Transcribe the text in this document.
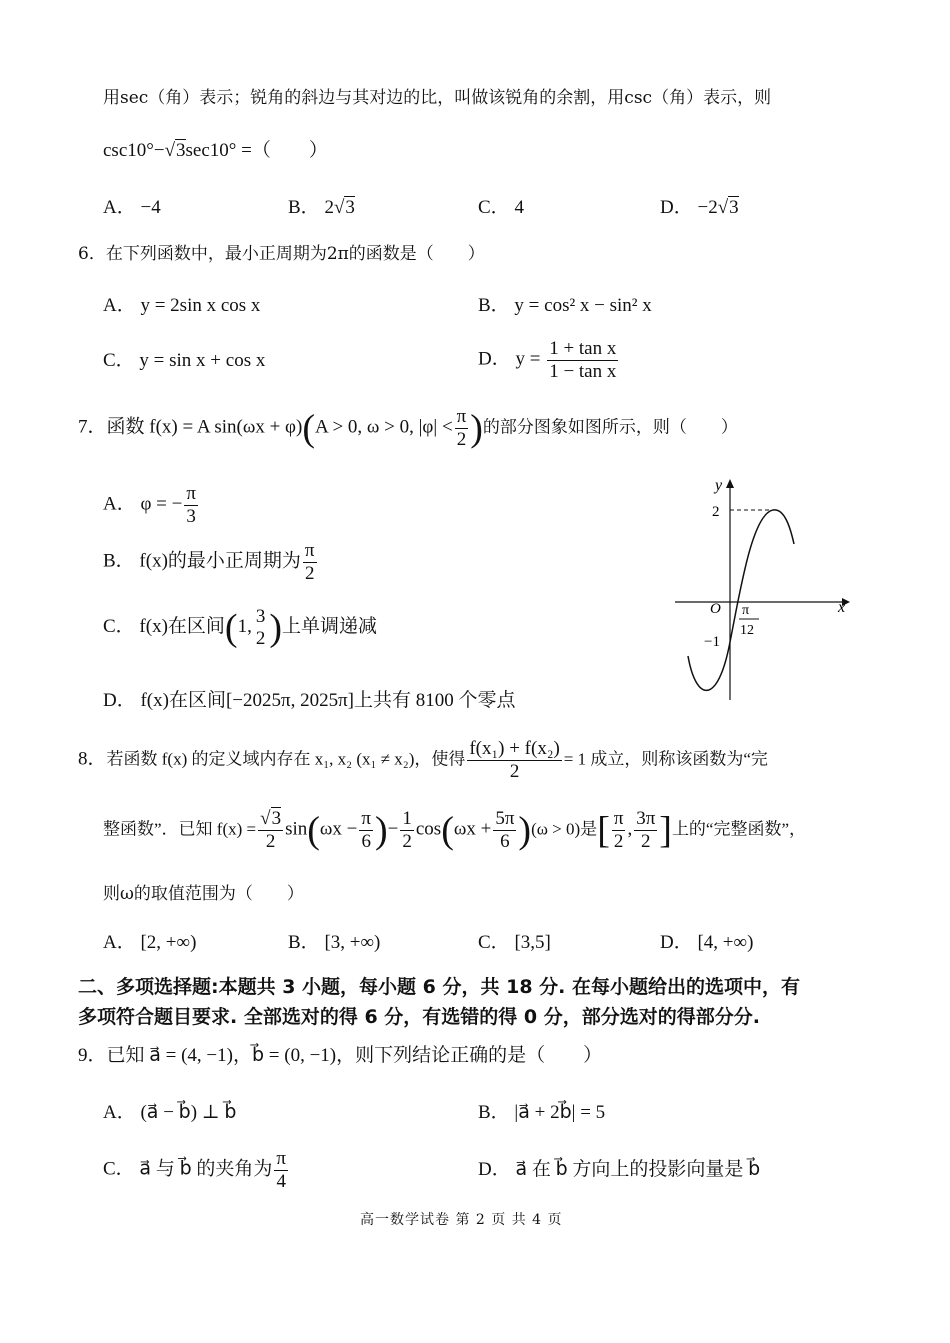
用sec（角）表示；锐角的斜边与其对边的比，叫做该锐角的余割，用csc（角）表示，则
csc10°−√3sec10° =（　　）
A． −4	B． 2√3	C． 4	D． −2√3
6．在下列函数中，最小正周期为2π的函数是（　　）
A． y = 2sin x cos x	B． y = cos² x − sin² x
C． y = sin x + cos x	D． $y = \frac{\text{1 + tan x}}{\text{1 − tan x}}$
7．函数 f(x) = A sin(ωx + φ)(A > 0, ω > 0, $|\varphi| < \frac{\pi}{2}$ )的部分图象如图所示，则（　　）
A． φ = − $\frac{\pi}{3}$
B． f(x)的最小正周期为 $\frac{\pi}{2}$
C． f(x)在区间(1, 3
2 )上单调递减
D． f(x)在区间[−2025π, 2025π]上共有 8100 个零点
y
x
O
2
−1
π
12
8．若函数 f(x) 的定义域内存在 x₁, x₂ (x₁ ≠ x₂)，使得 $\frac{\text{f(x₁) + f(x₂)}}{2} = 1$ 成立，则称该函数为“完
整函数”．已知 $f(x) = \frac{√3}{2} \sin(\omega x - \frac{\pi}{6}$ )− $\frac{1}{2} \cos(\omega x + \frac{5\pi}{6} )(\omega > 0)$是[ $\frac{\pi}{2}$ , $\frac{3\pi}{2}$ ]上的“完整函数”，
则ω的取值范围为（　　）
A． [2, +∞)	B． [3, +∞)	C． [3,5]	D． [4, +∞)
二、多项选择题:本题共 3 小题，每小题 6 分，共 18 分. 在每小题给出的选项中，有
多项符合题目要求. 全部选对的得 6 分，有选错的得 0 分，部分选对的得部分分.
9．已知 a⃗ = (4, −1)，b⃗ = (0, −1)，则下列结论正确的是（　　）
A． (a⃗ − b⃗) ⊥ b⃗	B． |a⃗ + 2b⃗| = 5
C． a⃗ 与 b⃗ 的夹角为 $\frac{\pi}{4}$	D． a⃗ 在 b⃗ 方向上的投影向量是 b⃗
高一数学试卷 第 2 页 共 4 页
